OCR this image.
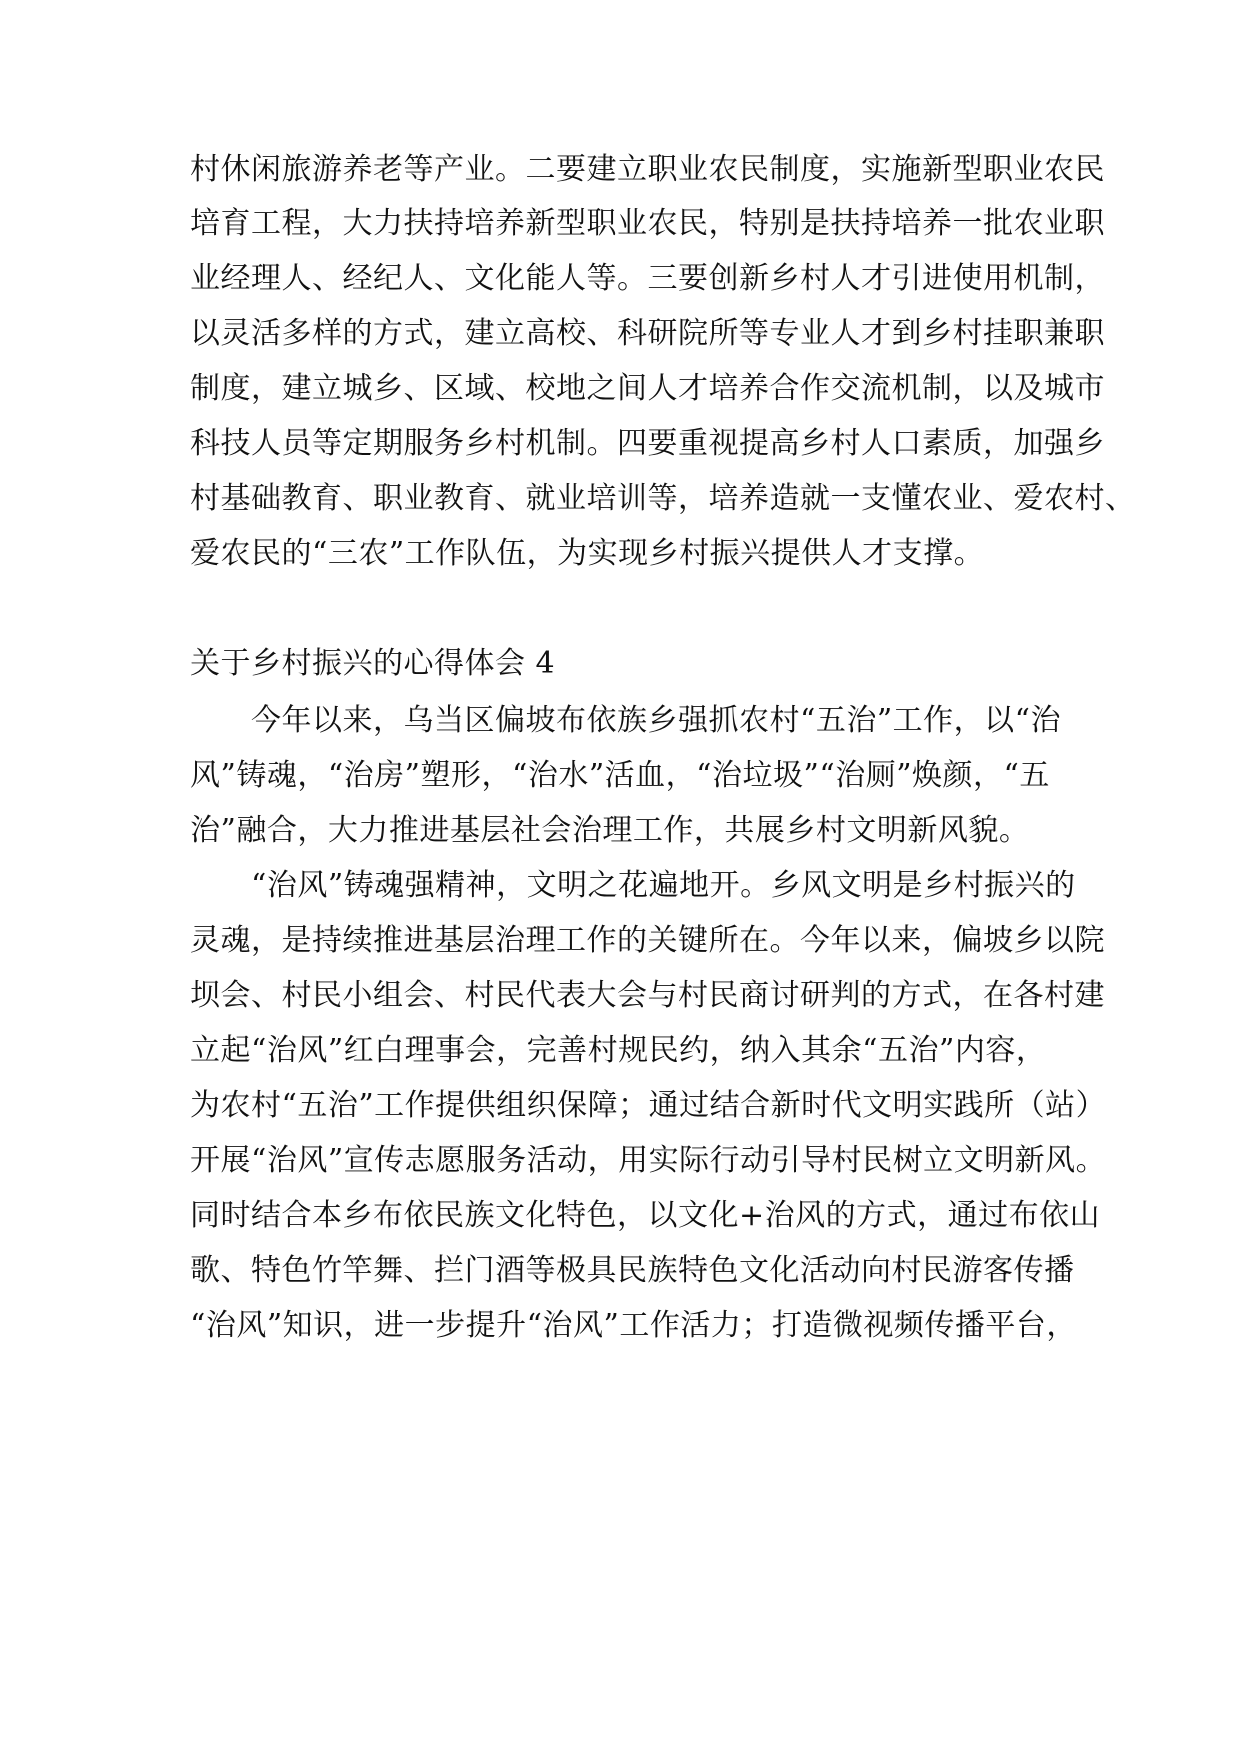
村休闲旅游养老等产业。二要建立职业农民制度，实施新型职业农民
培育工程，大力扶持培养新型职业农民，特别是扶持培养一批农业职
业经理人、经纪人、文化能人等。三要创新乡村人才引进使用机制，
以灵活多样的方式，建立高校、科研院所等专业人才到乡村挂职兼职
制度，建立城乡、区域、校地之间人才培养合作交流机制，以及城市
科技人员等定期服务乡村机制。四要重视提高乡村人口素质，加强乡
村基础教育、职业教育、就业培训等，培养造就一支懂农业、爱农村、
爱农民的“三农”工作队伍，为实现乡村振兴提供人才支撑。
关于乡村振兴的心得体会 4
　　今年以来，乌当区偏坡布依族乡强抓农村“五治”工作，以“治
风”铸魂，“治房”塑形，“治水”活血，“治垃圾”“治厕”焕颜，“五
治”融合，大力推进基层社会治理工作，共展乡村文明新风貌。
　　“治风”铸魂强精神，文明之花遍地开。乡风文明是乡村振兴的
灵魂，是持续推进基层治理工作的关键所在。今年以来，偏坡乡以院
坝会、村民小组会、村民代表大会与村民商讨研判的方式，在各村建
立起“治风”红白理事会，完善村规民约，纳入其余“五治”内容，
为农村“五治”工作提供组织保障；通过结合新时代文明实践所（站）
开展“治风”宣传志愿服务活动，用实际行动引导村民树立文明新风。
同时结合本乡布依民族文化特色，以文化+治风的方式，通过布依山
歌、特色竹竿舞、拦门酒等极具民族特色文化活动向村民游客传播
“治风”知识，进一步提升“治风”工作活力；打造微视频传播平台，
